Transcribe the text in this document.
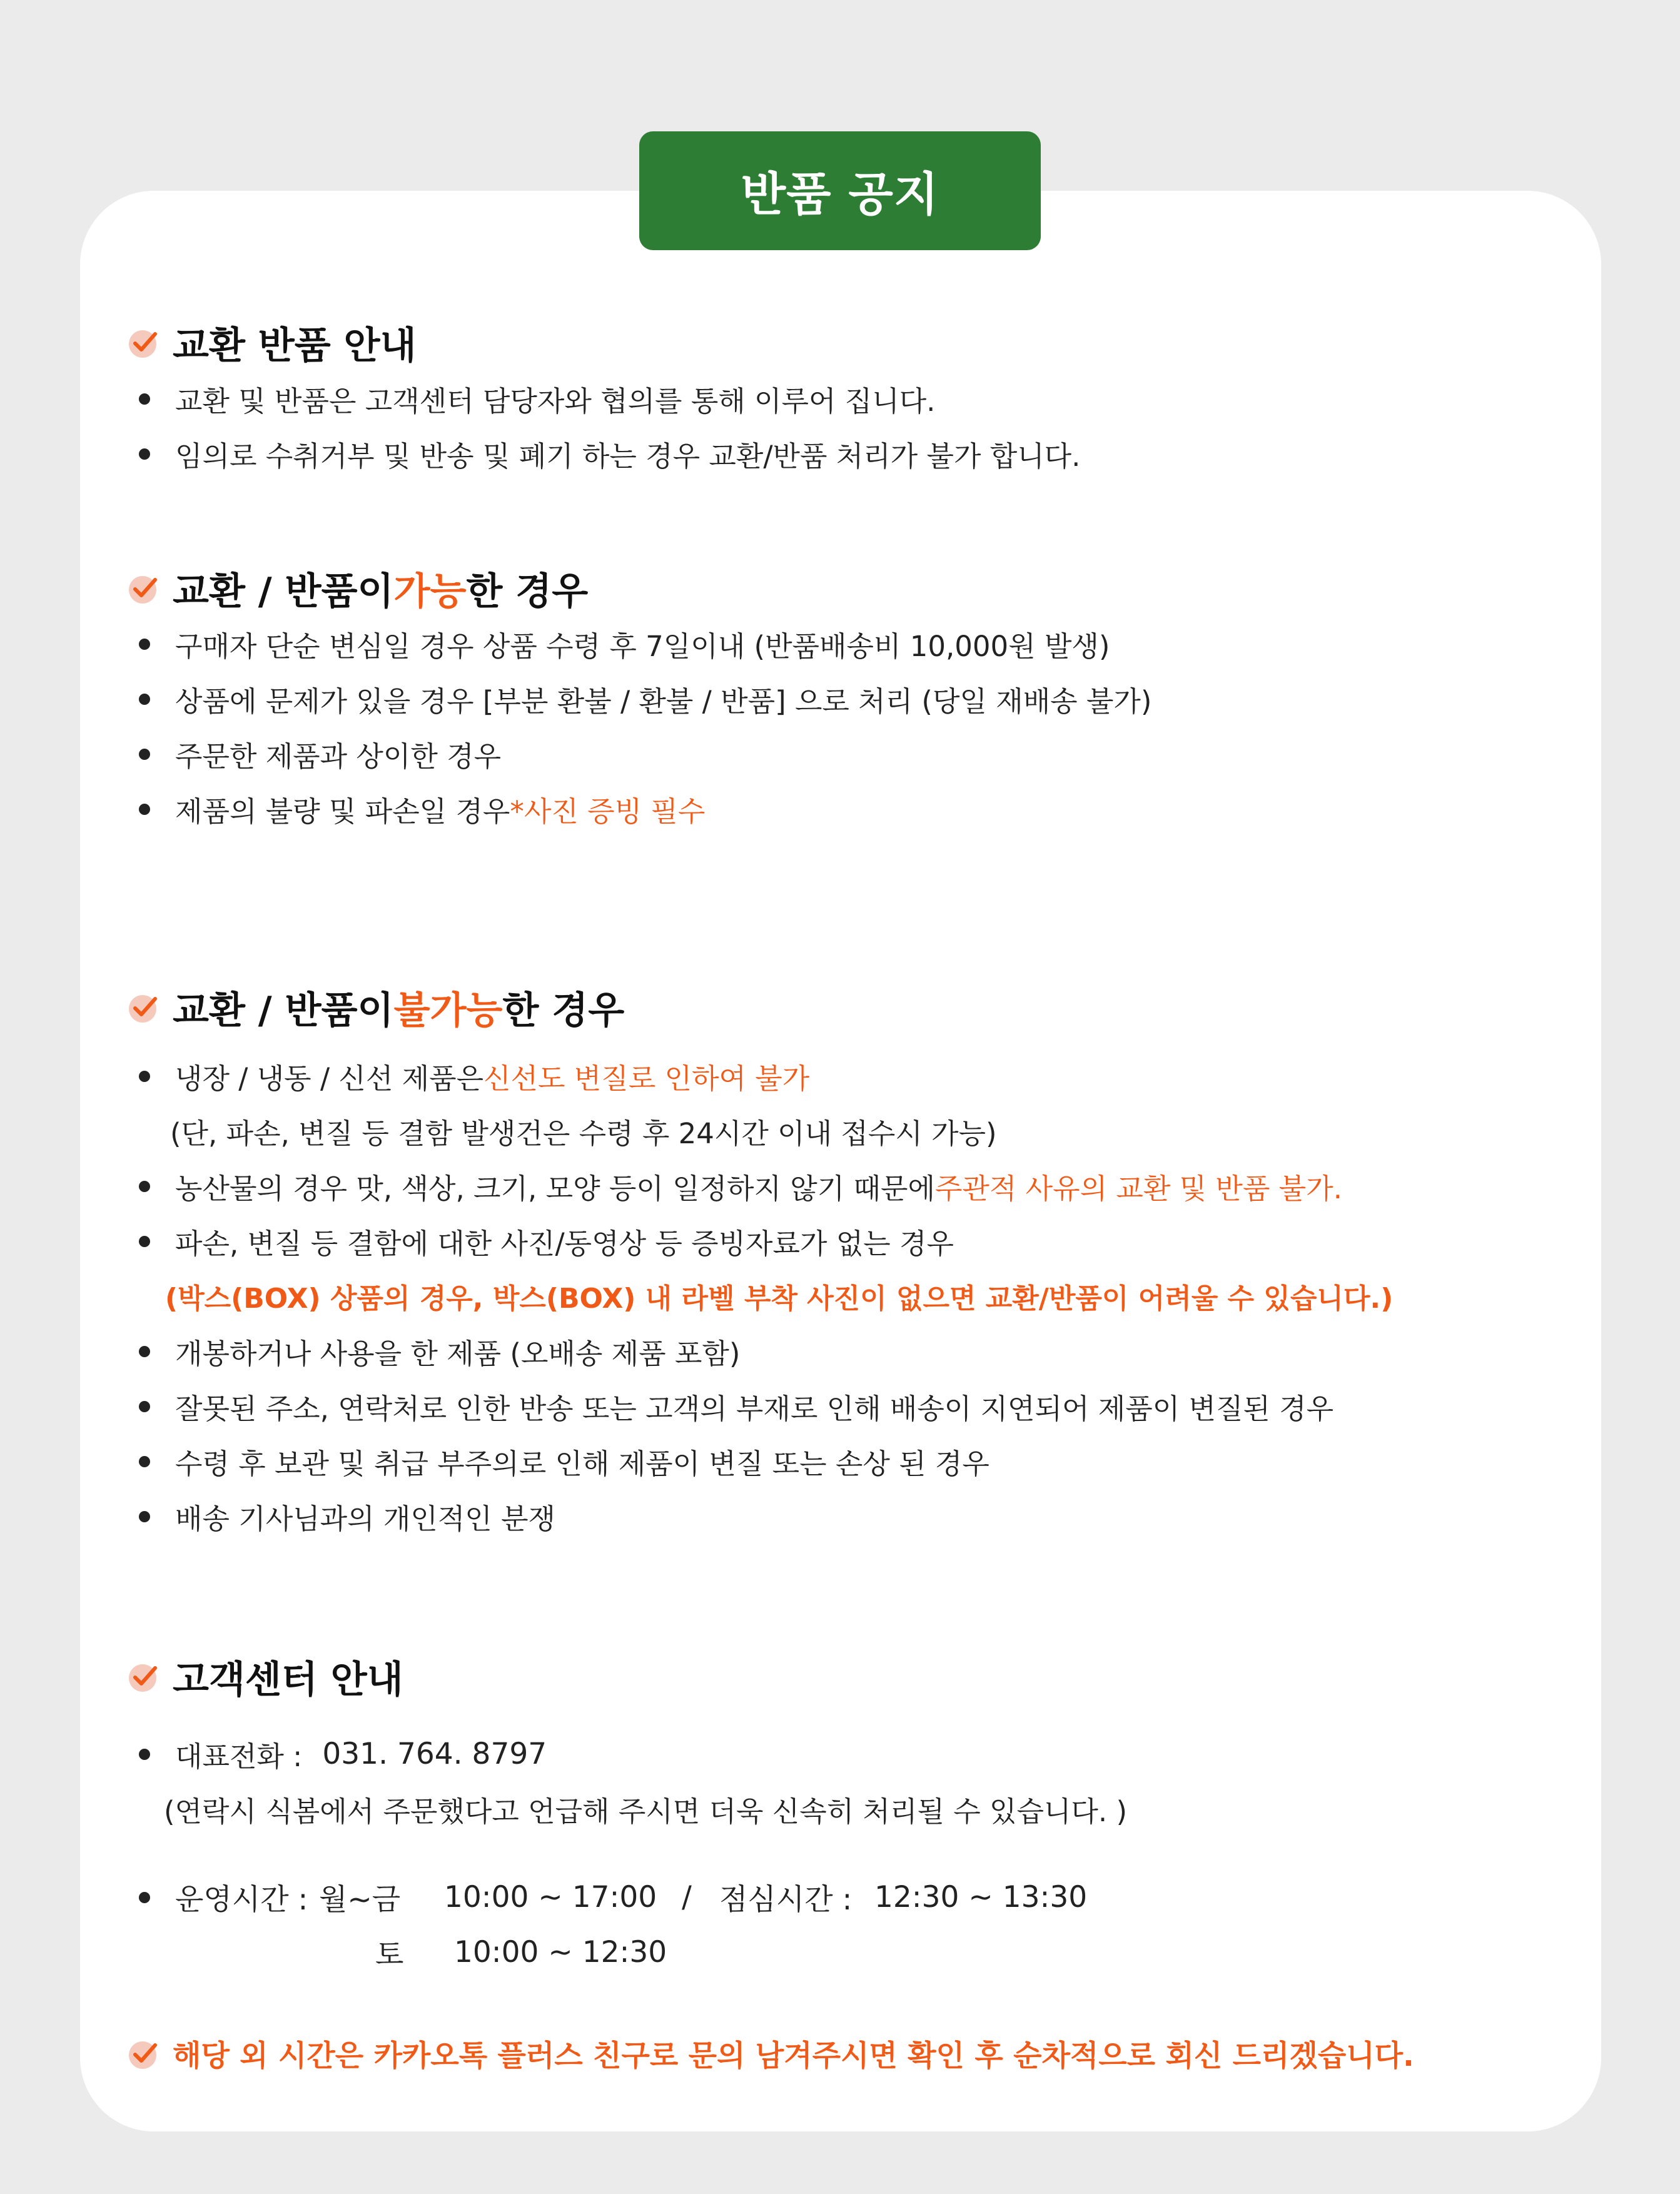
반품 공지
교환 반품 안내
교환 및 반품은 고객센터 담당자와 협의를 통해 이루어 집니다.
임의로 수취거부 및 반송 및 폐기 하는 경우 교환/반품 처리가 불가 합니다.
교환 / 반품이 가능 한 경우
구매자 단순 변심일 경우 상품 수령 후 7일이내 (반품배송비 10,000원 발생)
상품에 문제가 있을 경우 [부분 환불 / 환불 / 반품] 으로 처리 (당일 재배송 불가)
주문한 제품과 상이한 경우
제품의 불량 및 파손일 경우 *사진 증빙 필수
교환 / 반품이 불가능 한 경우
냉장 / 냉동 / 신선 제품은 신선도 변질로 인하여 불가
(단, 파손, 변질 등 결함 발생건은 수령 후 24시간 이내 접수시 가능)
농산물의 경우 맛, 색상, 크기, 모양 등이 일정하지 않기 때문에 주관적 사유의 교환 및 반품 불가.
파손, 변질 등 결함에 대한 사진/동영상 등 증빙자료가 없는 경우
(박스(BOX) 상품의 경우, 박스(BOX) 내 라벨 부착 사진이 없으면 교환/반품이 어려울 수 있습니다.)
개봉하거나 사용을 한 제품 (오배송 제품 포함)
잘못된 주소, 연락처로 인한 반송 또는 고객의 부재로 인해 배송이 지연되어 제품이 변질된 경우
수령 후 보관 및 취급 부주의로 인해 제품이 변질 또는 손상 된 경우
배송 기사님과의 개인적인 분쟁
고객센터 안내
대표전화 : 031. 764. 8797
(연락시 식봄에서 주문했다고 언급해 주시면 더욱 신속히 처리될 수 있습니다. )
운영시간 : 월~금	10:00 ~ 17:00 / 점심시간 : 12:30 ~ 13:30
토	10:00 ~ 12:30
해당 외 시간은 카카오톡 플러스 친구로 문의 남겨주시면 확인 후 순차적으로 회신 드리겠습니다.
